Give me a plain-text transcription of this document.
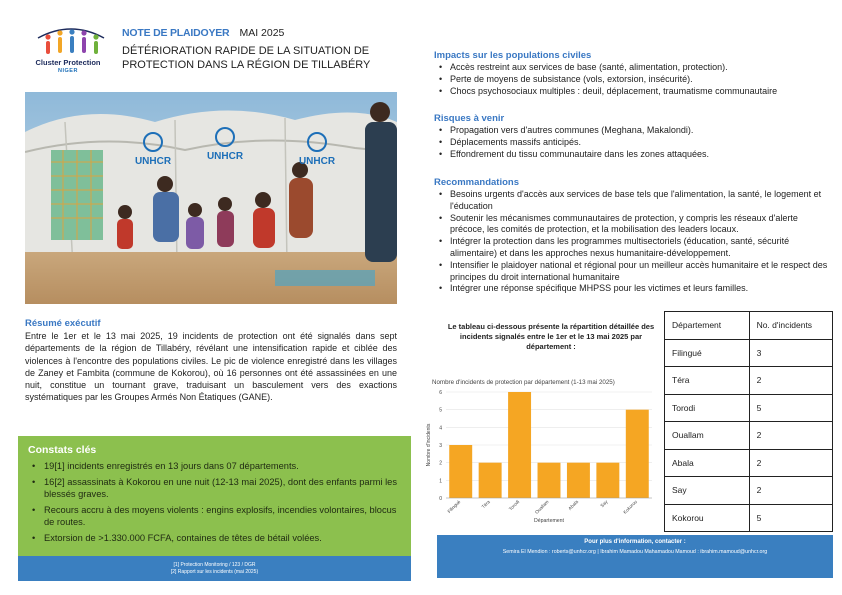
Cluster Protection
NIGER
NOTE DE PLAIDOYER MAI 2025
DÉTÉRIORATION RAPIDE DE LA SITUATION DE PROTECTION DANS LA RÉGION DE TILLABÉRY
UNHCR	UNHCR	UNHCR
Résumé exécutif
Entre le 1er et le 13 mai 2025, 19 incidents de protection ont été signalés dans sept départements de la région de Tillabéry, révélant une intensification rapide et ciblée des violences à l'encontre des populations civiles. Le pic de violence enregistré dans les villages de Zaney et Fambita (commune de Kokorou), où 16 personnes ont été assassinées en une nuit, constitue un tournant grave, traduisant un basculement vers des exactions systématiques par les Groupes Armés Non Étatiques (GANE).
Constats clés
• 19[1] incidents enregistrés en 13 jours dans 07 départements.
• 16[2] assassinats à Kokorou en une nuit (12-13 mai 2025), dont des enfants parmi les blessés graves.
• Recours accru à des moyens violents : engins explosifs, incendies volontaires, blocus de routes.
• Extorsion de >1.330.000 FCFA, containes de têtes de bétail volées.
[1] Protection Monitoring / 123 / DGR
[2] Rapport sur les incidents (mai 2025)
Impacts sur les populations civiles
• Accès restreint aux services de base (santé, alimentation, protection).
• Perte de moyens de subsistance (vols, extorsion, insécurité).
• Chocs psychosociaux multiples : deuil, déplacement, traumatisme communautaire
Risques à venir
• Propagation vers d'autres communes (Meghana, Makalondi).
• Déplacements massifs anticipés.
• Effondrement du tissu communautaire dans les zones attaquées.
Recommandations
• Besoins urgents d'accès aux services de base tels que l'alimentation, la santé, le logement et l'éducation
• Soutenir les mécanismes communautaires de protection, y compris les réseaux d'alerte précoce, les comités de protection, et la mobilisation des leaders locaux.
• Intégrer la protection dans les programmes multisectoriels (éducation, santé, sécurité alimentaire) et dans les approches nexus humanitaire-développement.
• Intensifier le plaidoyer national et régional pour un meilleur accès humanitaire et le respect des principes du droit international humanitaire
• Intégrer une réponse spécifique MHPSS pour les victimes et leurs familles.
Le tableau ci-dessous présente la répartition détaillée des incidents signalés entre le 1er et le 13 mai 2025 par département :
Nombre d'incidents de protection par département (1-13 mai 2025)
0
1
2
3
4
5
6
Filingué	Téra	Torodi	Ouallam	Abala	Say	Kokorou
Département
Nombre d'incidents
Département	No. d'incidents
Filingué	3
Téra	2
Torodi	5
Ouallam	2
Abala	2
Say	2
Kokorou	5
Pour plus d'information, contacter :
Semira El Mendion : roberts@unhcr.org | Ibrahim Mamadou Mahamadou Mamoud : ibrahim.mamoud@unhcr.org
